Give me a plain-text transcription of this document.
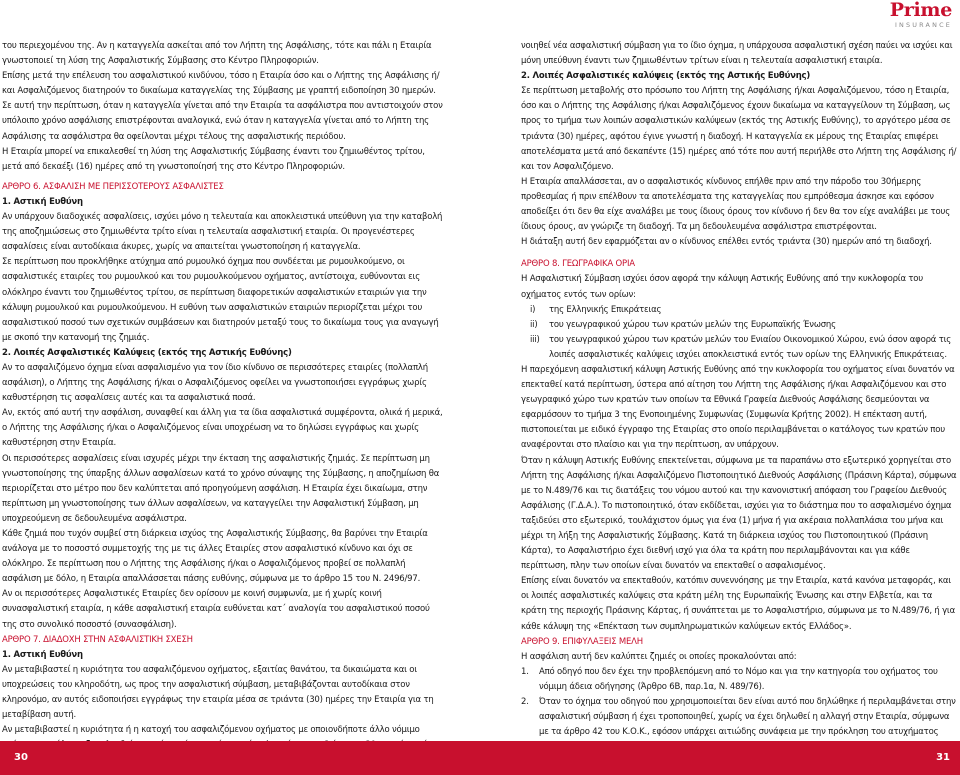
Prime
INSURANCE

του περιεχομένου της. Αν η καταγγελία ασκείται από τον Λήπτη της Ασφάλισης, τότε και πάλι η Εταιρία γνωστοποιεί τη λύση της Ασφαλιστικής Σύμβασης στο Κέντρο Πληροφοριών.

Επίσης μετά την επέλευση του ασφαλιστικού κινδύνου, τόσο η Εταιρία όσο και ο Λήπτης της Ασφάλισης ή/ και Ασφαλιζόμενος διατηρούν το δικαίωμα καταγγελίας της Σύμβασης με γραπτή ειδοποίηση 30 ημερών.

Σε αυτή την περίπτωση, όταν η καταγγελία γίνεται από την Εταιρία τα ασφάλιστρα που αντιστοιχούν στον υπόλοιπο χρόνο ασφάλισης επιστρέφονται αναλογικά, ενώ όταν η καταγγελία γίνεται από το Λήπτη της Ασφάλισης τα ασφάλιστρα θα οφείλονται μέχρι τέλους της ασφαλιστικής περιόδου.

Η Εταιρία μπορεί να επικαλεσθεί τη λύση της Ασφαλιστικής Σύμβασης έναντι του ζημιωθέντος τρίτου, μετά από δεκαέξι (16) ημέρες από τη γνωστοποίησή της στο Κέντρο Πληροφοριών.

ΑΡΘΡΟ 6. ΑΣΦΑΛΙΣΗ ΜΕ ΠΕΡΙΣΣΟΤΕΡΟΥΣ ΑΣΦΑΛΙΣΤΕΣ

1. Αστική Ευθύνη

Αν υπάρχουν διαδοχικές ασφαλίσεις, ισχύει μόνο η τελευταία και αποκλειστικά υπεύθυνη για την καταβολή της αποζημιώσεως στο ζημιωθέντα τρίτο είναι η τελευταία ασφαλιστική εταιρία. Οι προγενέστερες ασφαλίσεις είναι αυτοδίκαια άκυρες, χωρίς να απαιτείται γνωστοποίηση ή καταγγελία.

Σε περίπτωση που προκλήθηκε ατύχημα από ρυμουλκό όχημα που συνδέεται με ρυμουλκούμενο, οι ασφαλιστικές εταιρίες του ρυμουλκού και του ρυμουλκούμενου οχήματος, αντίστοιχα, ευθύνονται εις ολόκληρο έναντι του ζημιωθέντος τρίτου, σε περίπτωση διαφορετικών ασφαλιστικών εταιριών για την κάλυψη ρυμουλκού και ρυμουλκούμενου. Η ευθύνη των ασφαλιστικών εταιριών περιορίζεται μέχρι του ασφαλιστικού ποσού των σχετικών συμβάσεων και διατηρούν μεταξύ τους το δικαίωμα τους για αναγωγή με σκοπό την κατανομή της ζημιάς.

2. Λοιπές Ασφαλιστικές Καλύψεις (εκτός της Αστικής Ευθύνης)

Αν το ασφαλιζόμενο όχημα είναι ασφαλισμένο για τον ίδιο κίνδυνο σε περισσότερες εταιρίες (πολλαπλή ασφάλιση), ο Λήπτης της Ασφάλισης ή/και ο Ασφαλιζόμενος οφείλει να γνωστοποιήσει εγγράφως χωρίς καθυστέρηση τις ασφαλίσεις αυτές και τα ασφαλιστικά ποσά.

Αν, εκτός από αυτή την ασφάλιση, συναφθεί και άλλη για τα ίδια ασφαλιστικά συμφέροντα, ολικά ή μερικά, ο Λήπτης της Ασφάλισης ή/και ο Ασφαλιζόμενος είναι υποχρέωση να το δηλώσει εγγράφως και χωρίς καθυστέρηση στην Εταιρία.

Οι περισσότερες ασφαλίσεις είναι ισχυρές μέχρι την έκταση της ασφαλιστικής ζημιάς. Σε περίπτωση μη γνωστοποίησης της ύπαρξης άλλων ασφαλίσεων κατά το χρόνο σύναψης της Σύμβασης, η αποζημίωση θα περιορίζεται στο μέτρο που δεν καλύπτεται από προηγούμενη ασφάλιση. Η Εταιρία έχει δικαίωμα, στην περίπτωση μη γνωστοποίησης των άλλων ασφαλίσεων, να καταγγείλει την Ασφαλιστική Σύμβαση, μη υποχρεούμενη σε δεδουλευμένα ασφάλιστρα.

Κάθε ζημιά που τυχόν συμβεί στη διάρκεια ισχύος της Ασφαλιστικής Σύμβασης, θα βαρύνει την Εταιρία ανάλογα με το ποσοστό συμμετοχής της με τις άλλες Εταιρίες στον ασφαλιστικό κίνδυνο και όχι σε ολόκληρο. Σε περίπτωση που ο Λήπτης της Ασφάλισης ή/και ο Ασφαλιζόμενος προβεί σε πολλαπλή ασφάλιση με δόλο, η Εταιρία απαλλάσσεται πάσης ευθύνης, σύμφωνα με το άρθρο 15 του Ν. 2496/97.

Αν οι περισσότερες Ασφαλιστικές Εταιρίες δεν ορίσουν με κοινή συμφωνία, με ή χωρίς κοινή συνασφαλιστική εταιρία, η κάθε ασφαλιστική εταιρία ευθύνεται κατ΄ αναλογία του ασφαλιστικού ποσού της στο συνολικό ποσοστό (συνασφάλιση).

ΑΡΘΡΟ 7. ΔΙΑΔΟΧΗ ΣΤΗΝ ΑΣΦΑΛΙΣΤΙΚΗ ΣΧΕΣΗ

1. Αστική Ευθύνη

Αν μεταβιβαστεί η κυριότητα του ασφαλιζόμενου οχήματος, εξαιτίας θανάτου, τα δικαιώματα και οι υποχρεώσεις του κληροδότη, ως προς την ασφαλιστική σύμβαση, μεταβιβάζονται αυτοδίκαια στον κληρονόμο, αν αυτός ειδοποιήσει εγγράφως την εταιρία μέσα σε τριάντα (30) ημέρες την Εταιρία για τη μεταβίβαση αυτή.

Αν μεταβιβαστεί η κυριότητα ή η κατοχή του ασφαλιζόμενου οχήματος με οποιονδήποτε άλλο νόμιμο

νοιηθεί νέα ασφαλιστική σύμβαση για το ίδιο όχημα, η υπάρχουσα ασφαλιστική σχέση παύει να ισχύει και μόνη υπεύθυνη έναντι των ζημιωθέντων τρίτων είναι η τελευταία ασφαλιστική εταιρία.

2. Λοιπές Ασφαλιστικές καλύψεις (εκτός της Αστικής Ευθύνης)

Σε περίπτωση μεταβολής στο πρόσωπο του Λήπτη της Ασφάλισης ή/και Ασφαλιζόμενου, τόσο η Εταιρία, όσο και ο Λήπτης της Ασφάλισης ή/και Ασφαλιζόμενος έχουν δικαίωμα να καταγγείλουν τη Σύμβαση, ως προς το τμήμα των λοιπών ασφαλιστικών καλύψεων (εκτός της Αστικής Ευθύνης), το αργότερο μέσα σε τριάντα (30) ημέρες, αφότου έγινε γνωστή η διαδοχή. Η καταγγελία εκ μέρους της Εταιρίας επιφέρει αποτελέσματα μετά από δεκαπέντε (15) ημέρες από τότε που αυτή περιήλθε στο Λήπτη της Ασφάλισης ή/και τον Ασφαλιζόμενο.

Η Εταιρία απαλλάσσεται, αν ο ασφαλιστικός κίνδυνος επήλθε πριν από την πάροδο του 30ήμερης προθεσμίας ή πριν επέλθουν τα αποτελέσματα της καταγγελίας που εμπρόθεσμα άσκησε και εφόσον αποδείξει ότι δεν θα είχε αναλάβει με τους ίδιους όρους τον κίνδυνο ή δεν θα τον είχε αναλάβει με τους ίδιους όρους, αν γνώριζε τη διαδοχή. Τα μη δεδουλευμένα ασφάλιστρα επιστρέφονται.

Η διάταξη αυτή δεν εφαρμόζεται αν ο κίνδυνος επέλθει εντός τριάντα (30) ημερών από τη διαδοχή.

ΑΡΘΡΟ 8. ΓΕΩΓΡΑΦΙΚΑ ΟΡΙΑ

Η Ασφαλιστική Σύμβαση ισχύει όσον αφορά την κάλυψη Αστικής Ευθύνης από την κυκλοφορία του οχήματος εντός των ορίων:

i)	της Ελληνικής Επικράτειας
ii)	του γεωγραφικού χώρου των κρατών μελών της Ευρωπαϊκής Ένωσης
iii)	του γεωγραφικού χώρου των κρατών μελών του Ενιαίου Οικονομικού Χώρου, ενώ όσον αφορά τις λοιπές ασφαλιστικές καλύψεις ισχύει αποκλειστικά εντός των ορίων της Ελληνικής Επικράτειας.

Η παρεχόμενη ασφαλιστική κάλυψη Αστικής Ευθύνης από την κυκλοφορία του οχήματος είναι δυνατόν να επεκταθεί κατά περίπτωση, ύστερα από αίτηση του Λήπτη της Ασφάλισης ή/και Ασφαλιζόμενου και στο γεωγραφικό χώρο των κρατών των οποίων τα Εθνικά Γραφεία Διεθνούς Ασφάλισης δεσμεύονται να εφαρμόσουν το τμήμα 3 της Ενοποιημένης Συμφωνίας (Συμφωνία Κρήτης 2002). Η επέκταση αυτή, πιστοποιείται με ειδικό έγγραφο της Εταιρίας στο οποίο περιλαμβάνεται ο κατάλογος των κρατών που αναφέρονται στο πλαίσιο και για την περίπτωση, αν υπάρχουν.

Όταν η κάλυψη Αστικής Ευθύνης επεκτείνεται, σύμφωνα με τα παραπάνω στο εξωτερικό χορηγείται στο Λήπτη της Ασφάλισης ή/και Ασφαλιζόμενο Πιστοποιητικό Διεθνούς Ασφάλισης (Πράσινη Κάρτα), σύμφωνα με το Ν.489/76 και τις διατάξεις του νόμου αυτού και την κανονιστική απόφαση του Γραφείου Διεθνούς Ασφάλισης (Γ.Δ.Α.). Το πιστοποιητικό, όταν εκδίδεται, ισχύει για το διάστημα που το ασφαλισμένο όχημα ταξιδεύει στο εξωτερικό, τουλάχιστον όμως για ένα (1) μήνα ή για ακέραια πολλαπλάσια του μήνα και μέχρι τη λήξη της Ασφαλιστικής Σύμβασης. Κατά τη διάρκεια ισχύος του Πιστοποιητικού (Πράσινη Κάρτα), το Ασφαλιστήριο έχει διεθνή ισχύ για όλα τα κράτη που περιλαμβάνονται και για κάθε περίπτωση, πλην των οποίων είναι δυνατόν να επεκταθεί ο ασφαλισμένος.

Επίσης είναι δυνατόν να επεκταθούν, κατόπιν συνεννόησης με την Εταιρία, κατά κανόνα μεταφοράς, και οι λοιπές ασφαλιστικές καλύψεις στα κράτη μέλη της Ευρωπαϊκής Ένωσης και στην Ελβετία, και τα κράτη της περιοχής Πράσινης Κάρτας, ή συνάπτεται με το Ασφαλιστήριο, σύμφωνα με το Ν.489/76, ή για κάθε κάλυψη της «Επέκταση των συμπληρωματικών καλύψεων εκτός Ελλάδος».

ΑΡΘΡΟ 9. ΕΠΙΦΥΛΑΞΕΙΣ ΜΕΛΗ

Η ασφάλιση αυτή δεν καλύπτει ζημιές οι οποίες προκαλούνται από:

1.	Από οδηγό που δεν έχει την προβλεπόμενη από το Νόμο και για την κατηγορία του οχήματος του νόμιμη άδεια οδήγησης (Άρθρο 6Β, παρ.1α, Ν. 489/76).
2.	Όταν το όχημα του οδηγού που χρησιμοποιείται δεν είναι αυτό που δηλώθηκε ή περιλαμβάνεται στην ασφαλιστική σύμβαση ή έχει τροποποιηθεί, χωρίς να έχει δηλωθεί η αλλαγή στην Εταιρία, σύμφωνα με τα άρθρο 42 του Κ.Ο.Κ., εφόσον υπάρχει αιτιώδης συνάφεια με την πρόκληση του ατυχήματος

30	31
